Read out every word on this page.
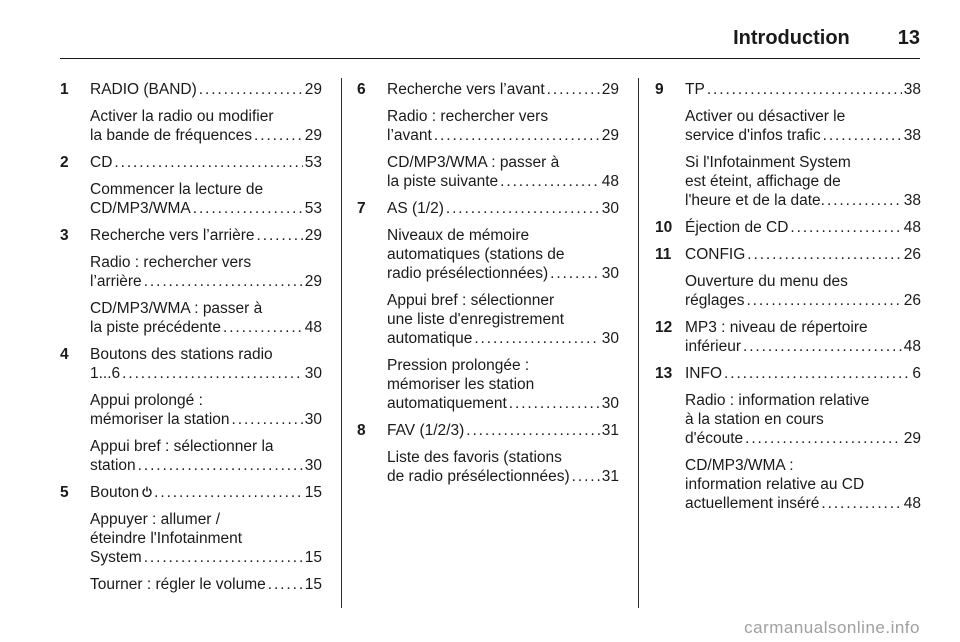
Introduction 13
1	RADIO (BAND) . . .	29
Activer la radio ou modifier
la bande de fréquences . . .	29
2	CD . . .	53
Commencer la lecture de
CD/MP3/WMA . . .	53
3	Recherche vers l’arrière . . .	29
Radio : rechercher vers
l’arrière . . .	29
CD/MP3/WMA : passer à
la piste précédente . . .	48
4	Boutons des stations radio
1...6 . . .	30
Appui prolongé :
mémoriser la station . . .	30
Appui bref : sélectionner la
station . . .	30
5	Bouton . . .	15
Appuyer : allumer /
éteindre l'Infotainment
System . . .	15
Tourner : régler le volume . . .	15
6	Recherche vers l’avant . . .	29
Radio : rechercher vers
l’avant . . .	29
CD/MP3/WMA : passer à
la piste suivante . . .	48
7	AS (1/2) . . .	30
Niveaux de mémoire
automatiques (stations de
radio présélectionnées) . . .	30
Appui bref : sélectionner
une liste d'enregistrement
automatique . . .	30
Pression prolongée :
mémoriser les station
automatiquement . . .	30
8	FAV (1/2/3) . . .	31
Liste des favoris (stations
de radio présélectionnées) . . . 31
9	TP . . .	38
Activer ou désactiver le
service d'infos trafic . . .	38
Si l'Infotainment System
est éteint, affichage de
l'heure et de la date. . . .	38
10 Éjection de CD . . .	48
11 CONFIG . . .	26
Ouverture du menu des
réglages . . .	26
12 MP3 : niveau de répertoire
inférieur . . .	48
13 INFO . . .	6
Radio : information relative
à la station en cours
d'écoute . . .	29
CD/MP3/WMA :
information relative au CD
actuellement inséré . . .	48
carmanualsonline.info
